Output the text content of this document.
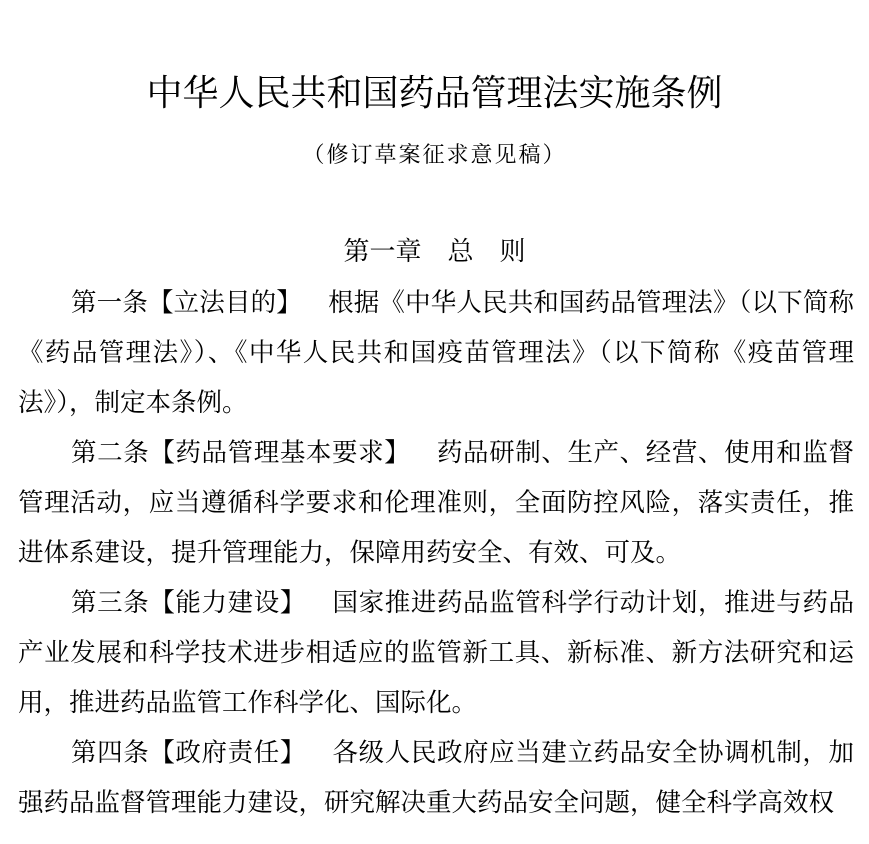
中华人民共和国药品管理法实施条例
（修订草案征求意见稿）
第一章　总　则

第一条【立法目的】 根据《中华人民共和国药品管理法》（以下简称《药品管理法》）、《中华人民共和国疫苗管理法》（以下简称《疫苗管理法》），制定本条例。

第二条【药品管理基本要求】 药品研制、生产、经营、使用和监督管理活动，应当遵循科学要求和伦理准则，全面防控风险，落实责任，推进体系建设，提升管理能力，保障用药安全、有效、可及。

第三条【能力建设】 国家推进药品监管科学行动计划，推进与药品产业发展和科学技术进步相适应的监管新工具、新标准、新方法研究和运用，推进药品监管工作科学化、国际化。

第四条【政府责任】 各级人民政府应当建立药品安全协调机制，加强药品监督管理能力建设，研究解决重大药品安全问题，健全科学高效权
